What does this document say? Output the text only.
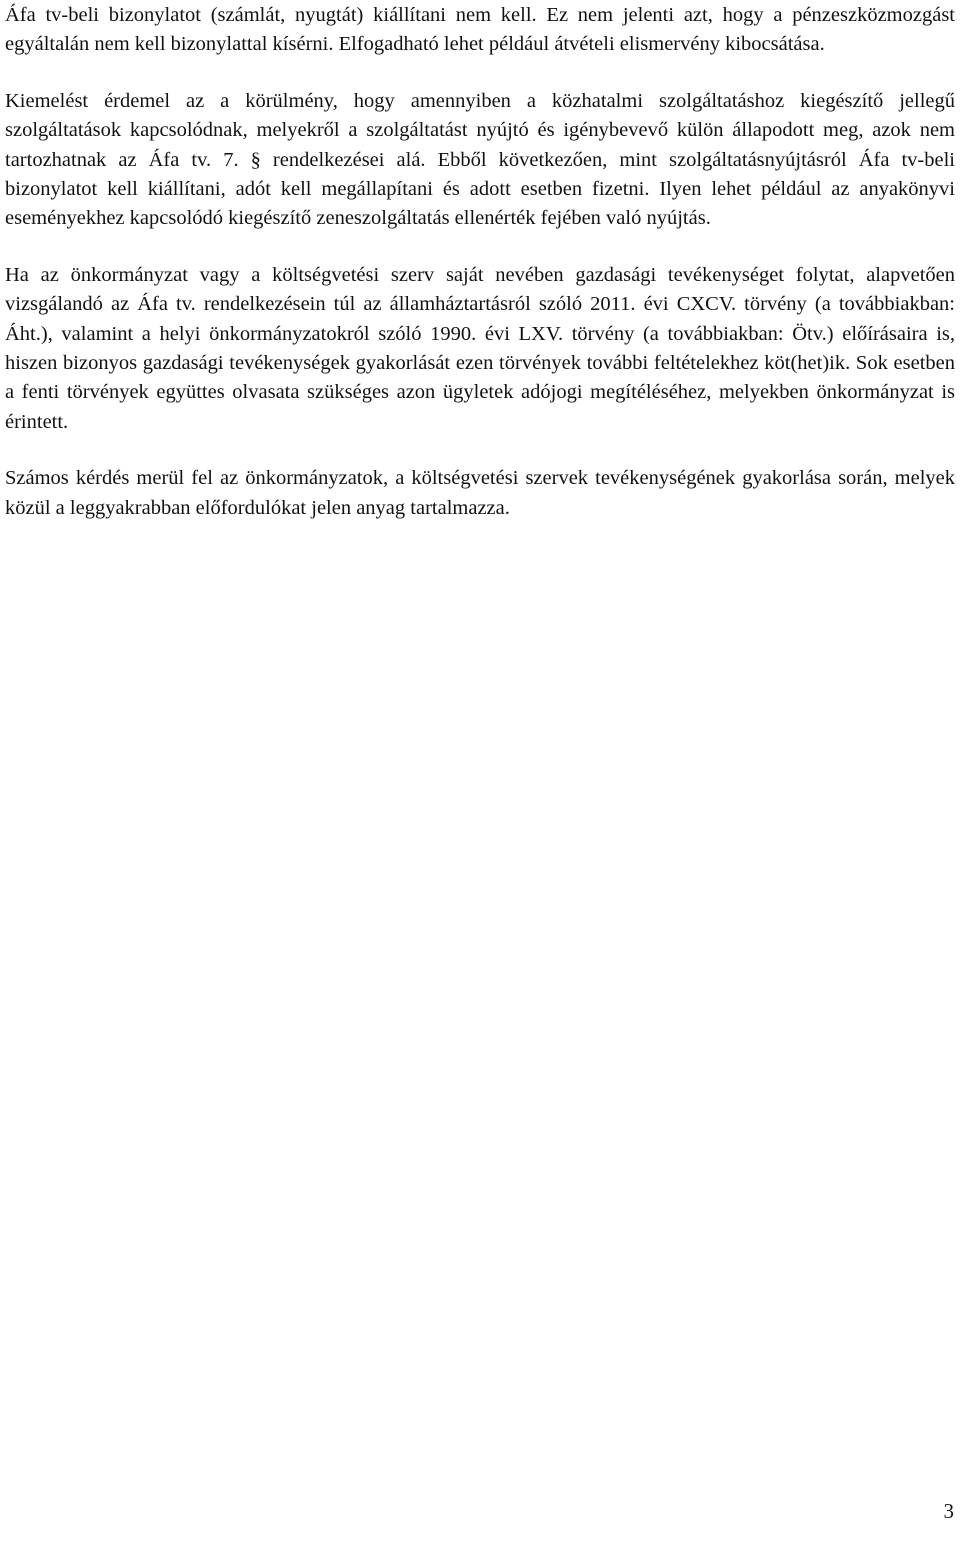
Áfa tv-beli bizonylatot (számlát, nyugtát) kiállítani nem kell. Ez nem jelenti azt, hogy a pénzeszközmozgást egyáltalán nem kell bizonylattal kísérni. Elfogadható lehet például átvételi elismervény kibocsátása.

Kiemelést érdemel az a körülmény, hogy amennyiben a közhatalmi szolgáltatáshoz kiegészítő jellegű szolgáltatások kapcsolódnak, melyekről a szolgáltatást nyújtó és igénybevevő külön állapodott meg, azok nem tartozhatnak az Áfa tv. 7. § rendelkezései alá. Ebből következően, mint szolgáltatásnyújtásról Áfa tv-beli bizonylatot kell kiállítani, adót kell megállapítani és adott esetben fizetni. Ilyen lehet például az anyakönyvi eseményekhez kapcsolódó kiegészítő zeneszolgáltatás ellenérték fejében való nyújtás.

Ha az önkormányzat vagy a költségvetési szerv saját nevében gazdasági tevékenységet folytat, alapvetően vizsgálandó az Áfa tv. rendelkezésein túl az államháztartásról szóló 2011. évi CXCV. törvény (a továbbiakban: Áht.), valamint a helyi önkormányzatokról szóló 1990. évi LXV. törvény (a továbbiakban: Ötv.) előírásaira is, hiszen bizonyos gazdasági tevékenységek gyakorlását ezen törvények további feltételekhez köt(het)ik. Sok esetben a fenti törvények együttes olvasata szükséges azon ügyletek adójogi megítéléséhez, melyekben önkormányzat is érintett.

Számos kérdés merül fel az önkormányzatok, a költségvetési szervek tevékenységének gyakorlása során, melyek közül a leggyakrabban előfordulókat jelen anyag tartalmazza.

3
